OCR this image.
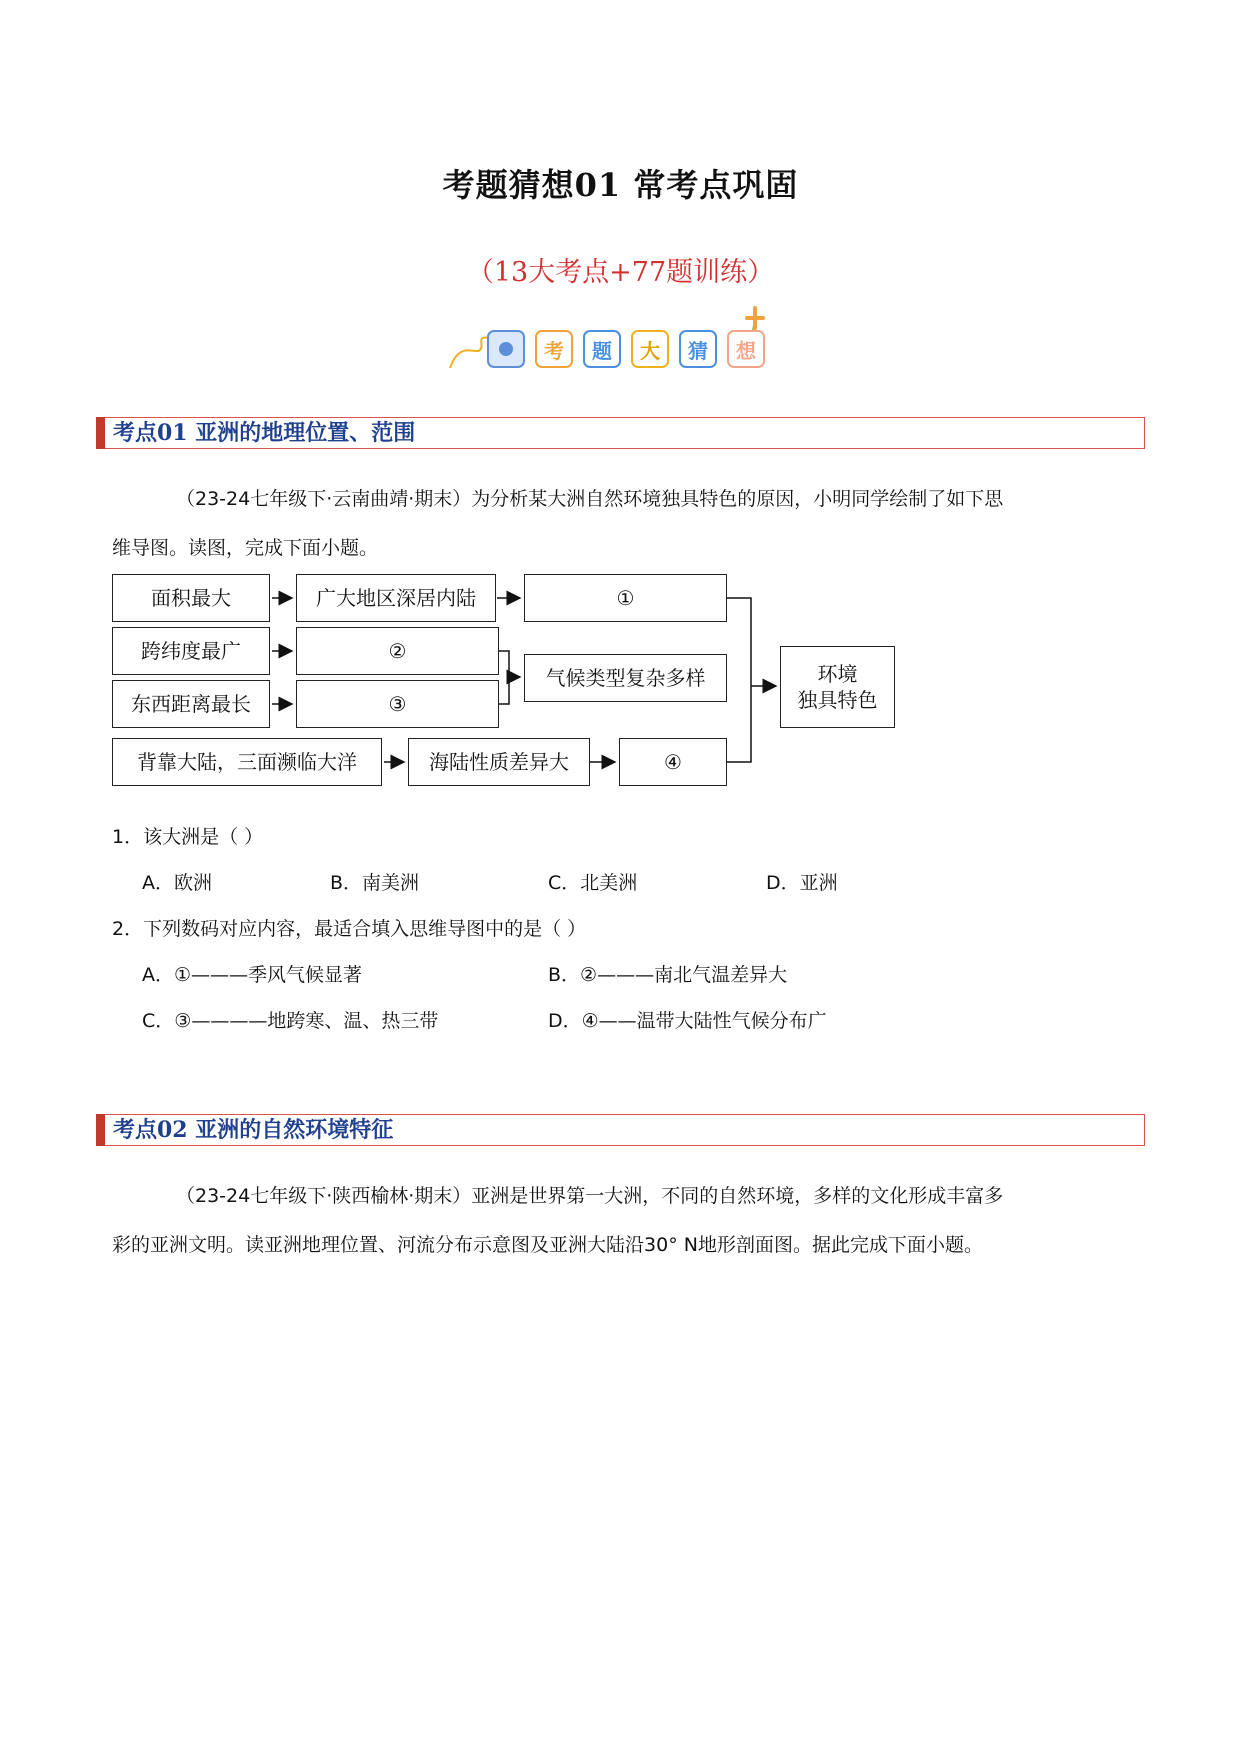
考题猜想01 常考点巩固
（13大考点+77题训练）
考	题	大	猜	想
考点01 亚洲的地理位置、范围
（23-24七年级下·云南曲靖·期末）为分析某大洲自然环境独具特色的原因，小明同学绘制了如下思
维导图。读图，完成下面小题。
面积最大	广大地区深居内陆	①
跨纬度最广	②
东西距离最长	③
气候类型复杂多样
背靠大陆，三面濒临大洋	海陆性质差异大	④
环境
独具特色
1．该大洲是（ ）
A．欧洲	B．南美洲	C．北美洲	D．亚洲
2．下列数码对应内容，最适合填入思维导图中的是（ ）
A．①———季风气候显著	B．②———南北气温差异大
C．③————地跨寒、温、热三带	D．④——温带大陆性气候分布广
考点02 亚洲的自然环境特征
（23-24七年级下·陕西榆林·期末）亚洲是世界第一大洲，不同的自然环境，多样的文化形成丰富多
彩的亚洲文明。读亚洲地理位置、河流分布示意图及亚洲大陆沿30° N地形剖面图。据此完成下面小题。
